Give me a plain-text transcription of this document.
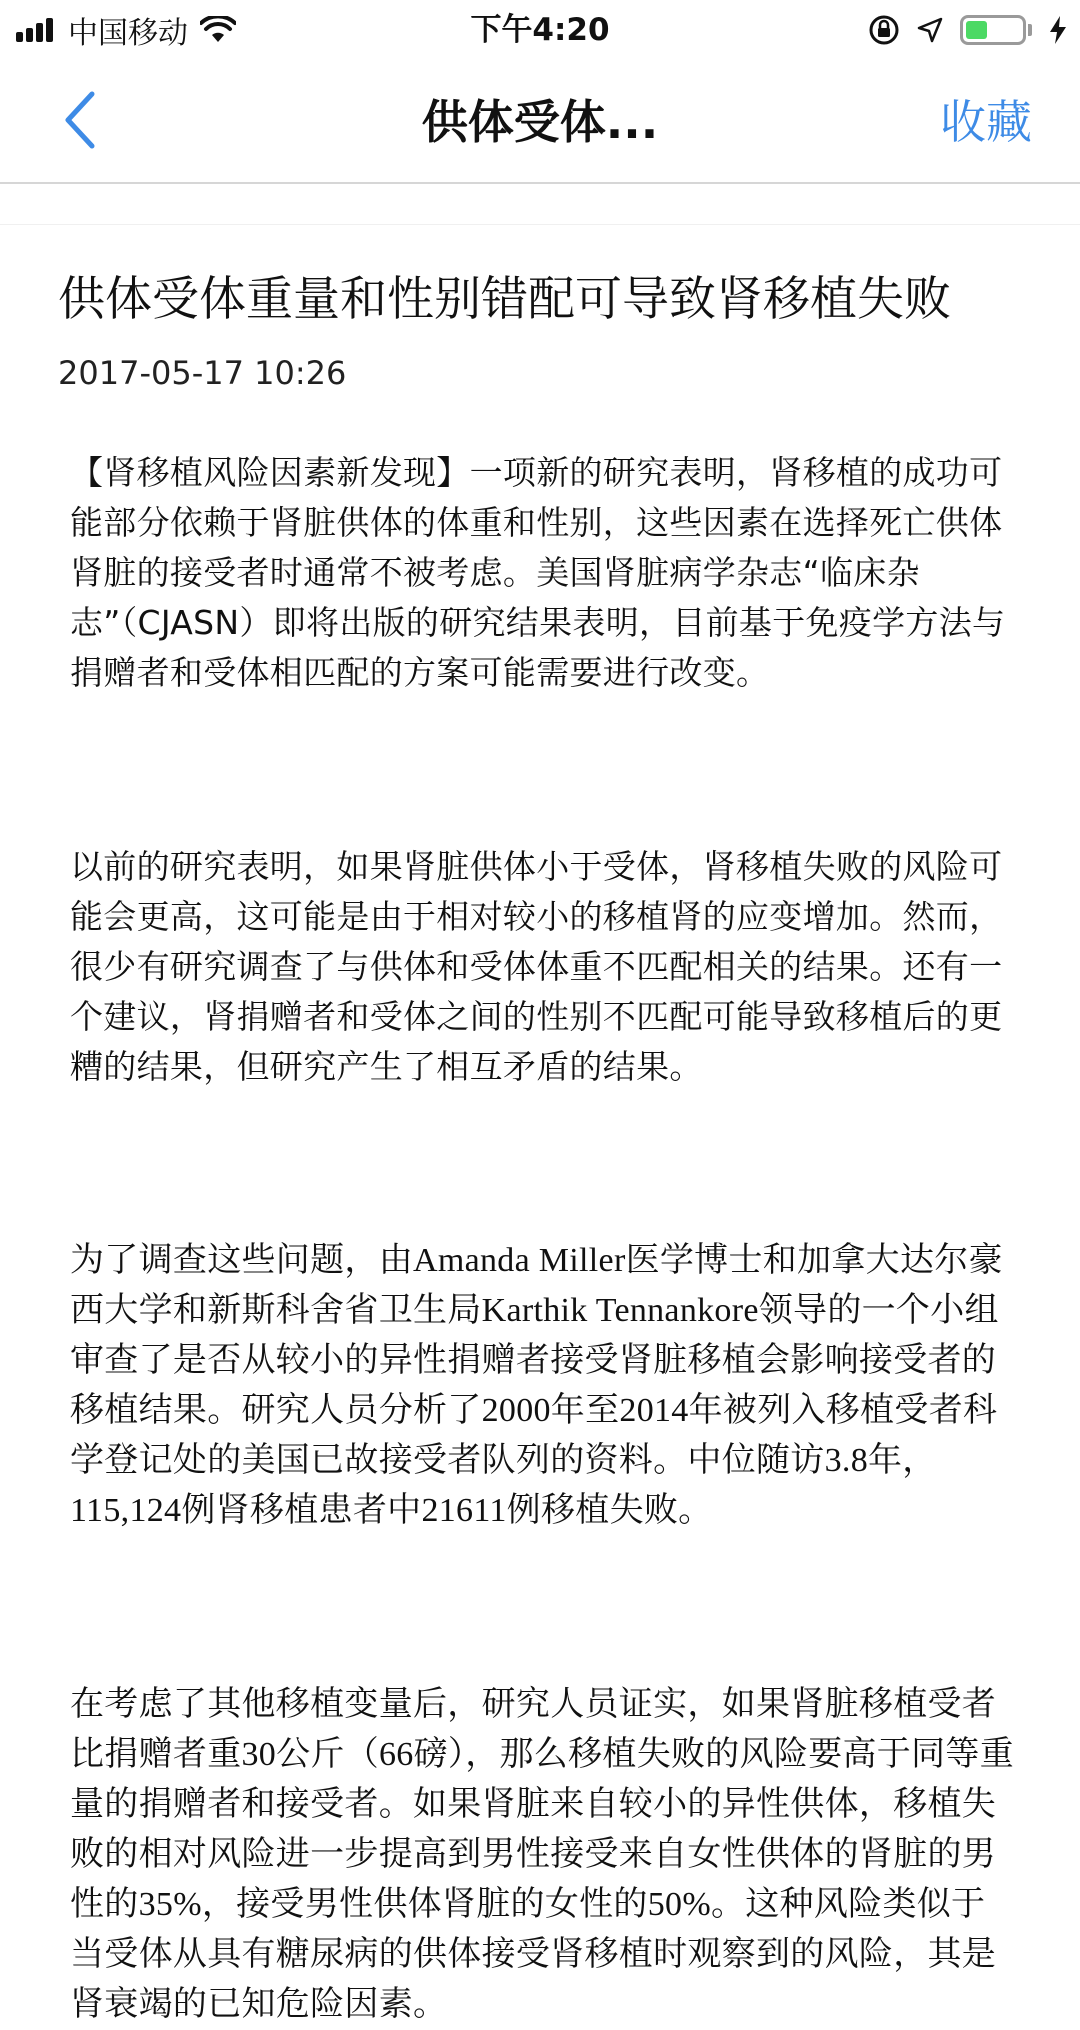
中国移动	下午4:20
供体受体...	收藏
供体受体重量和性别错配可导致肾移植失败
2017-05-17 10:26

【肾移植风险因素新发现】一项新的研究表明，肾移植的成功可能部分依赖于肾脏供体的体重和性别，这些因素在选择死亡供体肾脏的接受者时通常不被考虑。美国肾脏病学杂志“临床杂志”（CJASN）即将出版的研究结果表明，目前基于免疫学方法与捐赠者和受体相匹配的方案可能需要进行改变。

以前的研究表明，如果肾脏供体小于受体，肾移植失败的风险可能会更高，这可能是由于相对较小的移植肾的应变增加。然而，很少有研究调查了与供体和受体体重不匹配相关的结果。还有一个建议，肾捐赠者和受体之间的性别不匹配可能导致移植后的更糟的结果，但研究产生了相互矛盾的结果。

为了调查这些问题，由Amanda Miller医学博士和加拿大达尔豪西大学和新斯科舍省卫生局Karthik Tennankore领导的一个小组审查了是否从较小的异性捐赠者接受肾脏移植会影响接受者的移植结果。研究人员分析了2000年至2014年被列入移植受者科学登记处的美国已故接受者队列的资料。中位随访3.8年，115,124例肾移植患者中21611例移植失败。

在考虑了其他移植变量后，研究人员证实，如果肾脏移植受者比捐赠者重30公斤（66磅），那么移植失败的风险要高于同等重量的捐赠者和接受者。如果肾脏来自较小的异性供体，移植失败的相对风险进一步提高到男性接受来自女性供体的肾脏的男性的35%，接受男性供体肾脏的女性的50%。这种风险类似于当受体从具有糖尿病的供体接受肾移植时观察到的风险，其是肾衰竭的已知危险因素。
